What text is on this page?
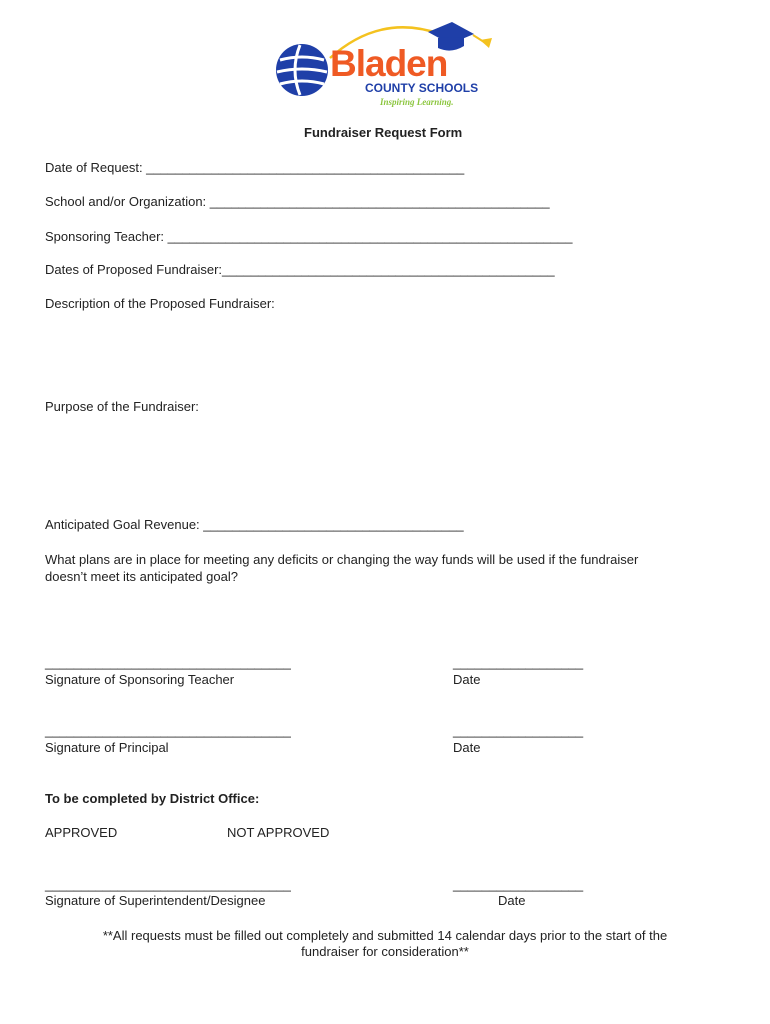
Bladen
COUNTY SCHOOLS
Inspiring Learning.
Fundraiser Request Form
Date of Request: ____________________________________________
School and/or Organization: _______________________________________________
Sponsoring Teacher: ________________________________________________________
Dates of Proposed Fundraiser:______________________________________________
Description of the Proposed Fundraiser:
Purpose of the Fundraiser:
Anticipated Goal Revenue: ____________________________________
What plans are in place for meeting any deficits or changing the way funds will be used if the fundraiser
doesn’t meet its anticipated goal?
__________________________________	__________________
Signature of Sponsoring Teacher	Date
__________________________________	__________________
Signature of Principal	Date
To be completed by District Office:
APPROVED	NOT APPROVED
__________________________________	__________________
Signature of Superintendent/Designee	Date
**All requests must be filled out completely and submitted 14 calendar days prior to the start of the
fundraiser for consideration**
